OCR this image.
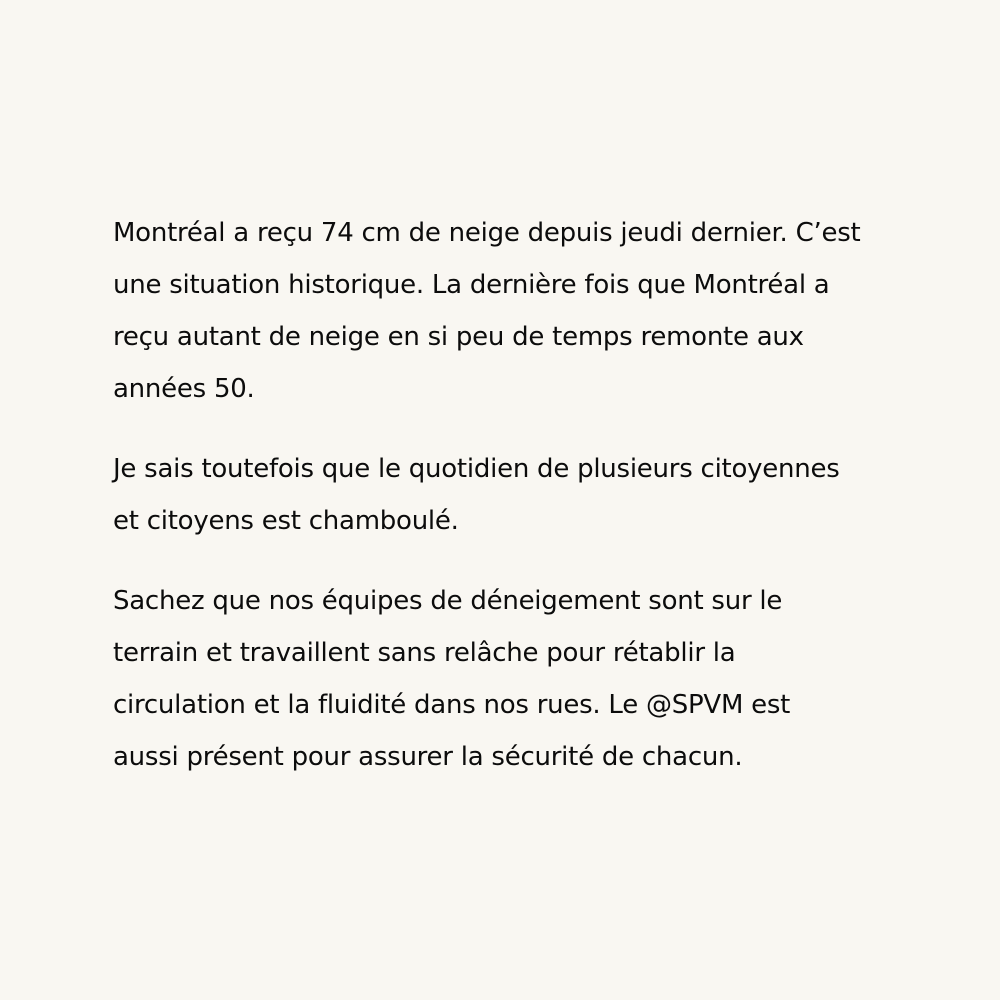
Montréal a reçu 74 cm de neige depuis jeudi dernier. C’est
une situation historique. La dernière fois que Montréal a
reçu autant de neige en si peu de temps remonte aux
années 50.
Je sais toutefois que le quotidien de plusieurs citoyennes
et citoyens est chamboulé.
Sachez que nos équipes de déneigement sont sur le
terrain et travaillent sans relâche pour rétablir la
circulation et la fluidité dans nos rues. Le @SPVM est
aussi présent pour assurer la sécurité de chacun.
